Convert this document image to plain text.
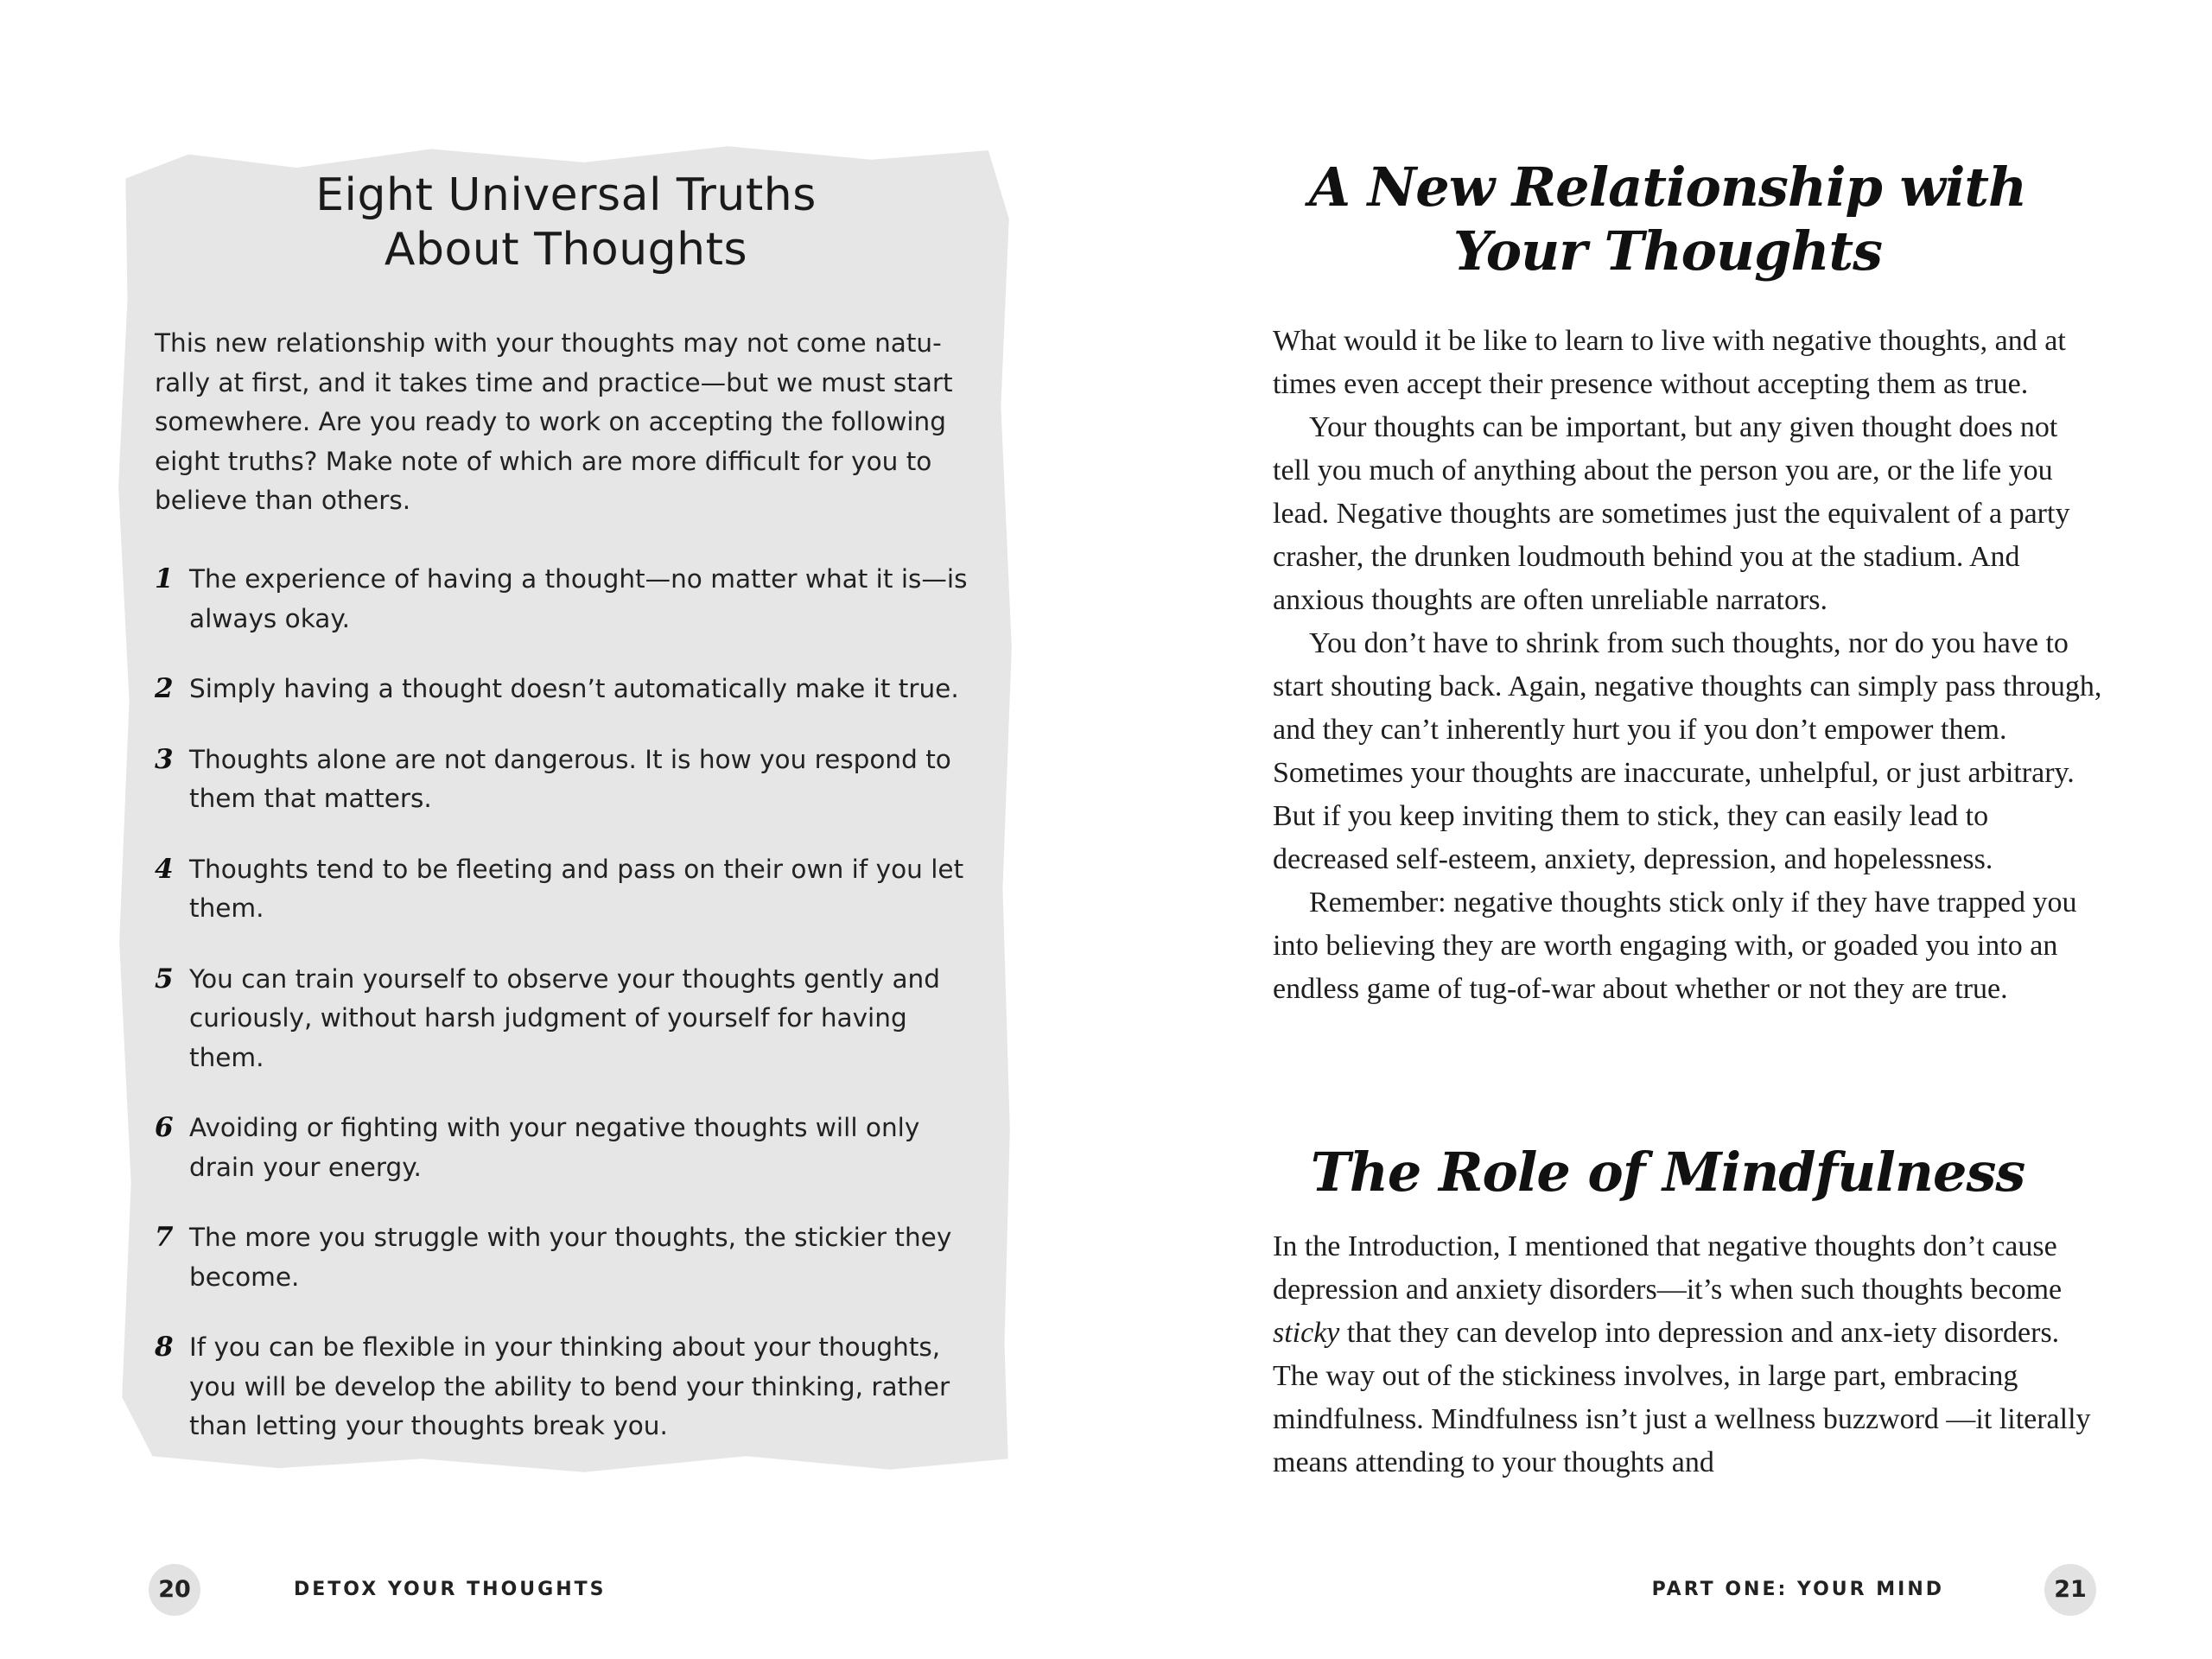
Eight Universal Truths
About Thoughts

This new relationship with your thoughts may not come natu-rally at first, and it takes time and practice—but we must start somewhere. Are you ready to work on accepting the following eight truths? Make note of which are more difficult for you to believe than others.

1 The experience of having a thought—no matter what it is—is always okay.
2 Simply having a thought doesn’t automatically make it true.
3 Thoughts alone are not dangerous. It is how you respond to them that matters.
4 Thoughts tend to be fleeting and pass on their own if you let them.
5 You can train yourself to observe your thoughts gently and curiously, without harsh judgment of yourself for having them.
6 Avoiding or fighting with your negative thoughts will only drain your energy.
7 The more you struggle with your thoughts, the stickier they become.
8 If you can be flexible in your thinking about your thoughts, you will be develop the ability to bend your thinking, rather than letting your thoughts break you.
20	DETOX YOUR THOUGHTS

A New Relationship with
Your Thoughts

What would it be like to learn to live with negative thoughts, and at times even accept their presence without accepting them as true.

Your thoughts can be important, but any given thought does not tell you much of anything about the person you are, or the life you lead. Negative thoughts are sometimes just the equivalent of a party crasher, the drunken loudmouth behind you at the stadium. And anxious thoughts are often unreliable narrators.

You don’t have to shrink from such thoughts, nor do you have to start shouting back. Again, negative thoughts can simply pass through, and they can’t inherently hurt you if you don’t empower them. Sometimes your thoughts are inaccurate, unhelpful, or just arbitrary. But if you keep inviting them to stick, they can easily lead to decreased self-esteem, anxiety, depression, and hopelessness.

Remember: negative thoughts stick only if they have trapped you into believing they are worth engaging with, or goaded you into an endless game of tug-of-war about whether or not they are true.

The Role of Mindfulness

In the Introduction, I mentioned that negative thoughts don’t cause depression and anxiety disorders—it’s when such thoughts become sticky that they can develop into depression and anx-iety disorders. The way out of the stickiness involves, in large part, embracing mindfulness. Mindfulness isn’t just a wellness buzzword —it literally means attending to your thoughts and

PART ONE: YOUR MIND	21
